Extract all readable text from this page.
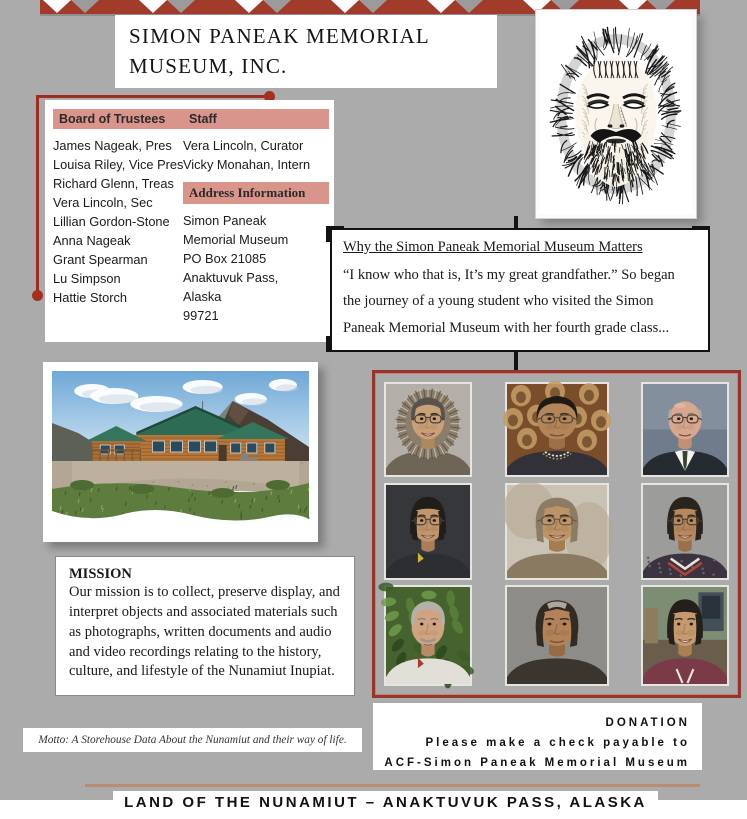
SIMON PANEAK MEMORIAL MUSEUM, INC.
Board of Trustees
James Nageak, Pres
Louisa Riley, Vice Pres
Richard Glenn, Treas
Vera Lincoln, Sec
Lillian Gordon-Stone
Anna Nageak
Grant Spearman
Lu Simpson
Hattie Storch
Staff
Vera Lincoln, Curator
Vicky Monahan, Intern
Address Information
Simon Paneak
Memorial Museum
PO Box 21085
Anaktuvuk Pass,
Alaska
99721
Why the Simon Paneak Memorial Museum Matters
“I know who that is, It’s my great grandfather.” So began the journey of a young student who visited the Simon Paneak Memorial Museum with her fourth grade class...
MISSION
Our mission is to collect, preserve display, and interpret objects and associated materials such as photographs, written documents and audio and video recordings relating to the history, culture, and lifestyle of the Nunamiut Inupiat.
Motto: A Storehouse Data About the Nunamiut and their way of life.
DONATION
Please make a check payable to
ACF-Simon Paneak Memorial Museum
LAND OF THE NUNAMIUT – ANAKTUVUK PASS, ALASKA
